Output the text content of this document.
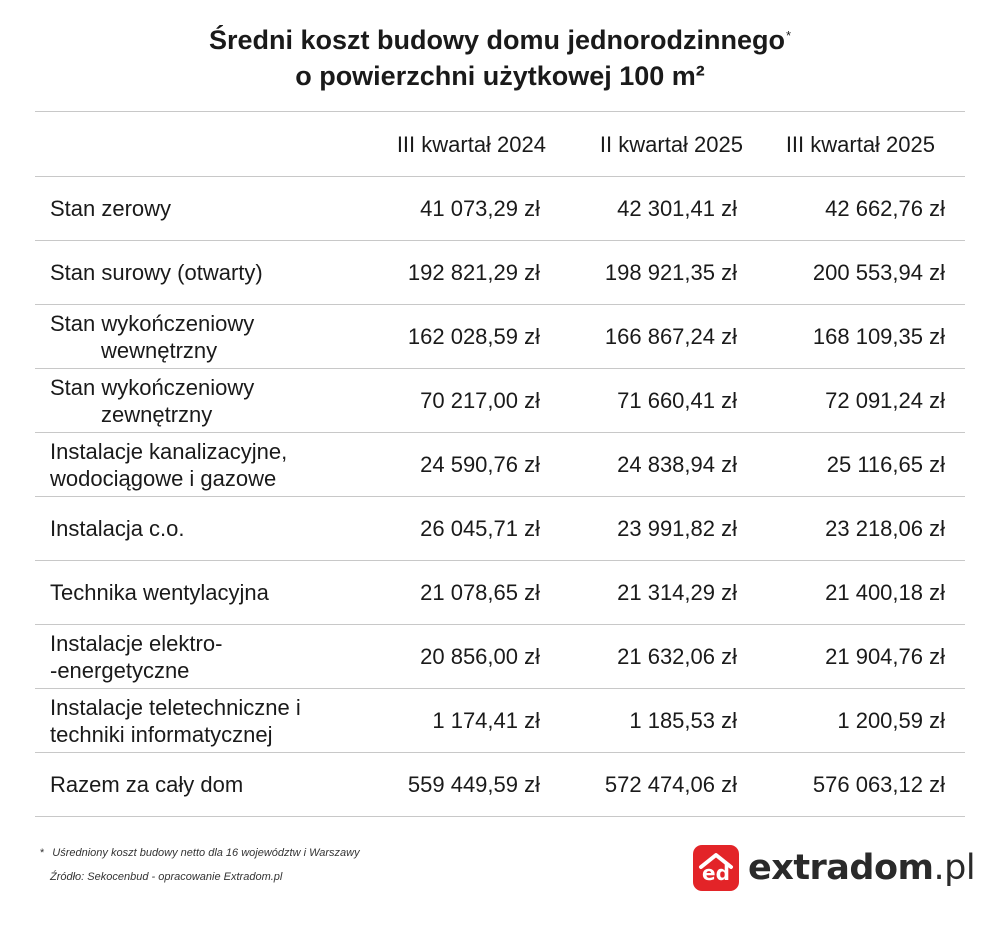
Średni koszt budowy domu jednorodzinnego*
o powierzchni użytkowej 100 m²
III kwartał 2024	II kwartał 2025	III kwartał 2025
Stan zerowy	41 073,29 zł	42 301,41 zł	42 662,76 zł
Stan surowy (otwarty)	192 821,29 zł	198 921,35 zł	200 553,94 zł
Stan wykończeniowy
wewnętrzny
162 028,59 zł	166 867,24 zł	168 109,35 zł
Stan wykończeniowy
zewnętrzny
70 217,00 zł	71 660,41 zł	72 091,24 zł
Instalacje kanalizacyjne,
wodociągowe i gazowe
24 590,76 zł	24 838,94 zł	25 116,65 zł
Instalacja c.o.	26 045,71 zł	23 991,82 zł	23 218,06 zł
Technika wentylacyjna	21 078,65 zł	21 314,29 zł	21 400,18 zł
Instalacje elektro-
-energetyczne
20 856,00 zł	21 632,06 zł	21 904,76 zł
Instalacje teletechniczne i
techniki informatycznej
1 174,41 zł	1 185,53 zł	1 200,59 zł
Razem za cały dom	559 449,59 zł	572 474,06 zł	576 063,12 zł
* Uśredniony koszt budowy netto dla 16 województw i Warszawy
Źródło: Sekocenbud - opracowanie Extradom.pl	ed extradom.pl
